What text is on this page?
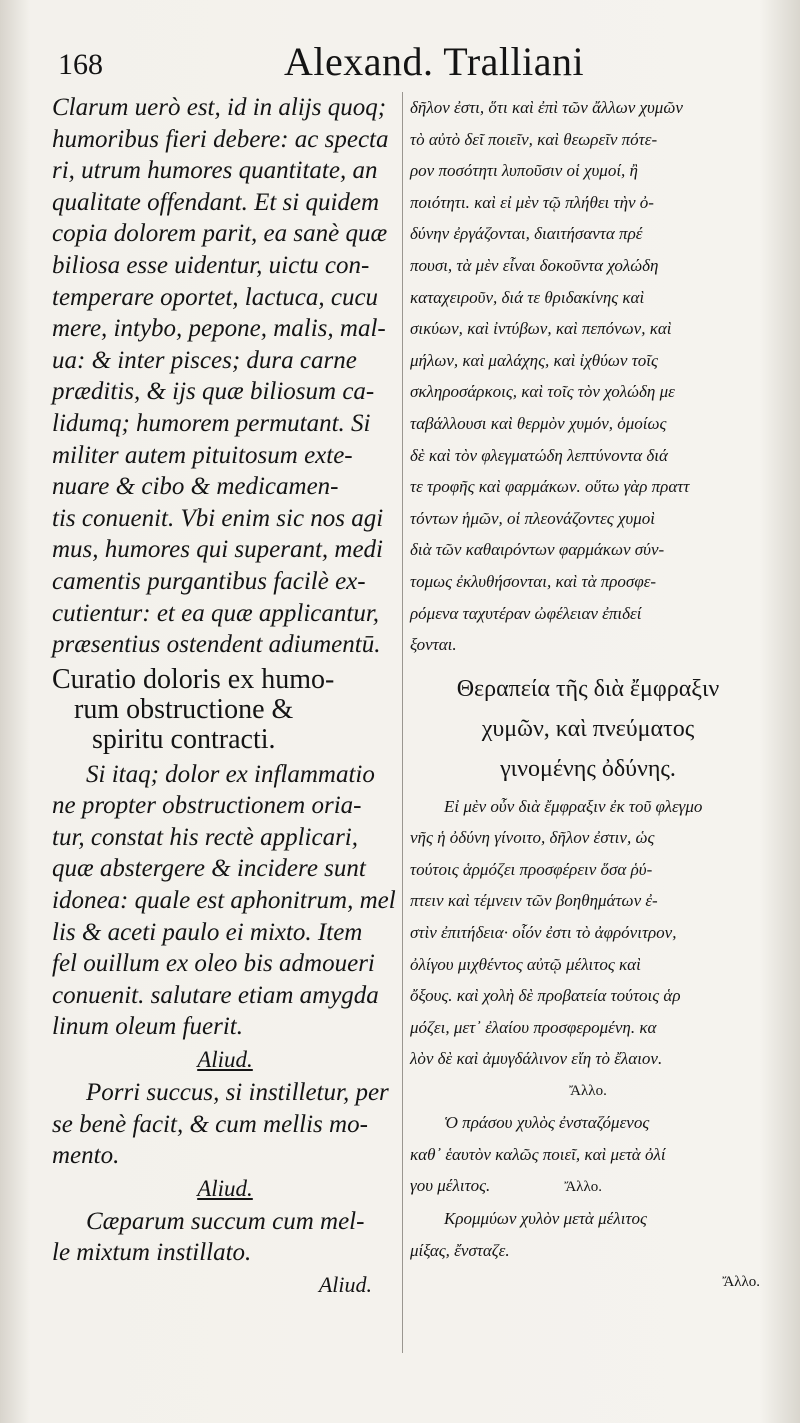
168	Alexand. Tralliani
Clarum uerò est, id in alijs quoq;
humoribus fieri debere: ac specta
ri, utrum humores quantitate, an
qualitate offendant. Et si quidem
copia dolorem parit, ea sanè quæ
biliosa esse uidentur, uictu con-
temperare oportet, lactuca, cucu
mere, intybo, pepone, malis, mal-
ua: & inter pisces; dura carne
præditis, & ijs quæ biliosum ca-
lidumq; humorem permutant. Si
militer autem pituitosum exte-
nuare & cibo & medicamen-
tis conuenit. Vbi enim sic nos agi
mus, humores qui superant, medi
camentis purgantibus facilè ex-
cutientur: et ea quæ applicantur,
præsentius ostendent adiumentū.
Curatio doloris ex humo-
rum obstructione &
spiritu contracti.
Si itaq; dolor ex inflammatio
ne propter obstructionem oria-
tur, constat his rectè applicari,
quæ abstergere & incidere sunt
idonea: quale est aphonitrum, mel
lis & aceti paulo ei mixto. Item
fel ouillum ex oleo bis admoueri
conuenit. salutare etiam amygda
linum oleum fuerit.
Aliud.
Porri succus, si instilletur, per
se benè facit, & cum mellis mo-
mento.
Aliud.
Cæparum succum cum mel-
le mixtum instillato.
Aliud.
δῆλον ἐστι, ὅτι καὶ ἐπὶ τῶν ἄλλων χυμῶν
τὸ αὐτὸ δεῖ ποιεῖν, καὶ θεωρεῖν πότε-
ρον ποσότητι λυποῦσιν οἱ χυμοί, ἢ
ποιότητι. καὶ εἰ μὲν τῷ πλήθει τὴν ὀ-
δύνην ἐργάζονται, διαιτήσαντα πρέ
πουσι, τὰ μὲν εἶναι δοκοῦντα χολώδη
καταχειροῦν, διά τε θριδακίνης καὶ
σικύων, καὶ ἰντύβων, καὶ πεπόνων, καὶ
μήλων, καὶ μαλάχης, καὶ ἰχθύων τοῖς
σκληροσάρκοις, καὶ τοῖς τὸν χολώδη με
ταβάλλουσι καὶ θερμὸν χυμόν, ὁμοίως
δὲ καὶ τὸν φλεγματώδη λεπτύνοντα διά
τε τροφῆς καὶ φαρμάκων. οὕτω γὰρ πραττ
τόντων ἡμῶν, οἱ πλεονάζοντες χυμοὶ
διὰ τῶν καθαιρόντων φαρμάκων σύν-
τομως ἐκλυθήσονται, καὶ τὰ προσφε-
ρόμενα ταχυτέραν ὠφέλειαν ἐπιδεί
ξονται.
Θεραπεία τῆς διὰ ἔμφραξιν
χυμῶν, καὶ πνεύματος
γινομένης ὀδύνης.
Εἰ μὲν οὖν διὰ ἔμφραξιν ἐκ τοῦ φλεγμο
νῆς ἡ ὀδύνη γίνοιτο, δῆλον ἐστιν, ὡς
τούτοις ἁρμόζει προσφέρειν ὅσα ῥύ-
πτειν καὶ τέμνειν τῶν βοηθημάτων ἐ-
στὶν ἐπιτήδεια· οἷόν ἐστι τὸ ἀφρόνιτρον,
ὀλίγου μιχθέντος αὐτῷ μέλιτος καὶ
ὄξους. καὶ χολὴ δὲ προβατεία τούτοις ἁρ
μόζει, μετ᾽ ἐλαίου προσφερομένη. κα
λὸν δὲ καὶ ἀμυγδάλινον εἴη τὸ ἔλαιον.
Ἄλλο.
Ὁ πράσου χυλὸς ἐνσταζόμενος
καθ᾽ ἑαυτὸν καλῶς ποιεῖ, καὶ μετὰ ὀλί
γου μέλιτος.	Ἄλλο.
Κρομμύων χυλὸν μετὰ μέλιτος
μίξας, ἔνσταζε.
Ἄλλο.
